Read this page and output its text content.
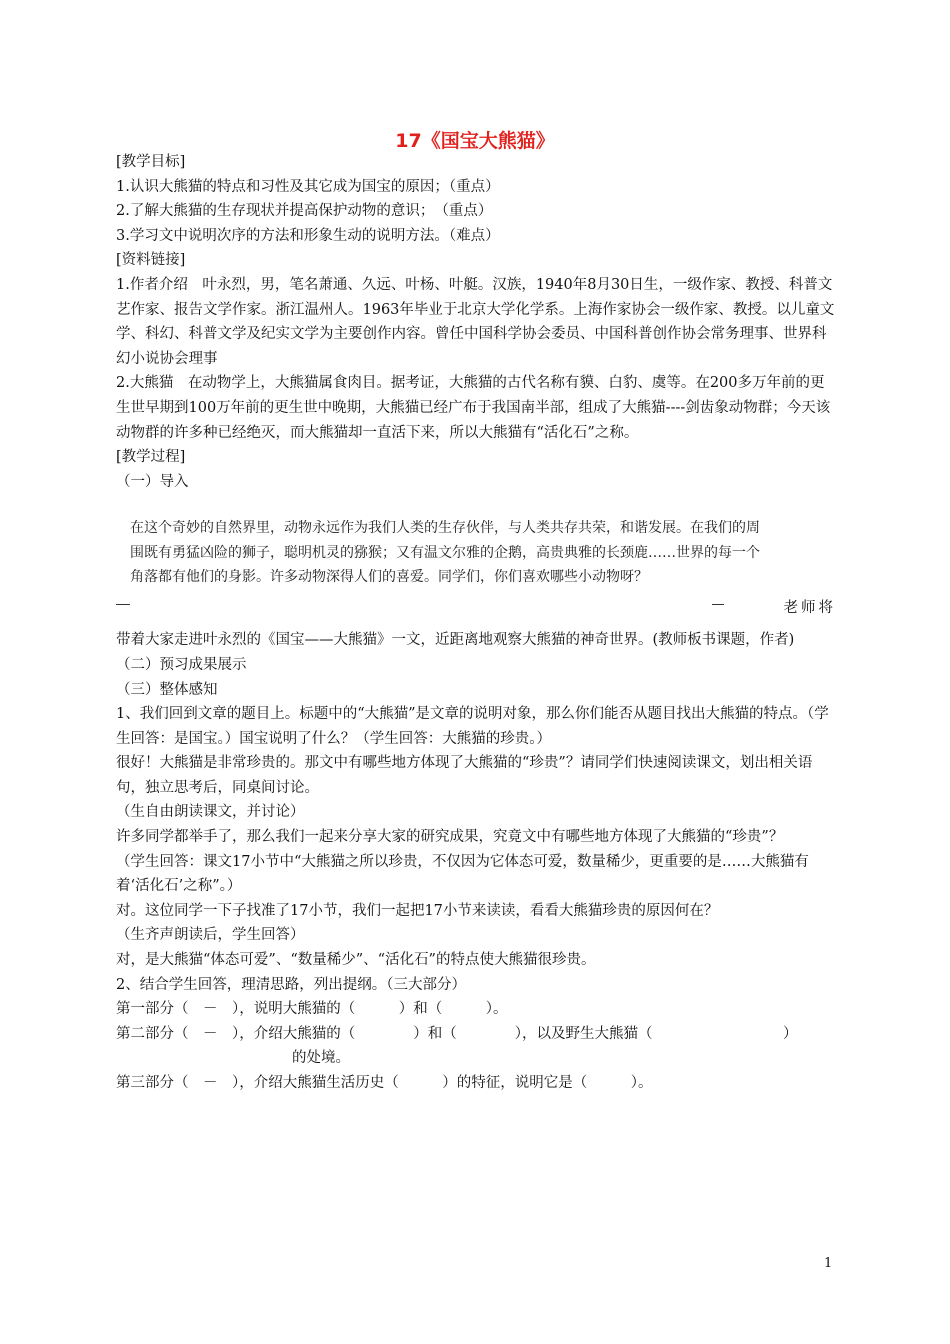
17《国宝大熊猫》

[教学目标]

1.认识大熊猫的特点和习性及其它成为国宝的原因；（重点）

2.了解大熊猫的生存现状并提高保护动物的意识；　（重点）

3.学习文中说明次序的方法和形象生动的说明方法。（难点）

[资料链接]

1.作者介绍　叶永烈，男，笔名萧通、久远、叶杨、叶艇。汉族，1940年8月30日生，一级作家、教授、科普文艺作家、报告文学作家。浙江温州人。1963年毕业于北京大学化学系。上海作家协会一级作家、教授。以儿童文学、科幻、科普文学及纪实文学为主要创作内容。曾任中国科学协会委员、中国科普创作协会常务理事、世界科幻小说协会理事

2.大熊猫　在动物学上，大熊猫属食肉目。据考证，大熊猫的古代名称有貘、白豹、虞等。在200多万年前的更生世早期到100万年前的更生世中晚期，大熊猫已经广布于我国南半部，组成了大熊猫----剑齿象动物群；今天该动物群的许多种已经绝灭，而大熊猫却一直活下来，所以大熊猫有“活化石”之称。

[教学过程]

（一）导入

在这个奇妙的自然界里，动物永远作为我们人类的生存伙伴，与人类共存共荣，和谐发展。在我们的周围既有勇猛凶险的狮子，聪明机灵的猕猴；又有温文尔雅的企鹅，高贵典雅的长颈鹿……世界的每一个角落都有他们的身影。许多动物深得人们的喜爱。同学们，你们喜欢哪些小动物呀？
老师将

带着大家走进叶永烈的《国宝——大熊猫》一文，近距离地观察大熊猫的神奇世界。(教师板书课题，作者)

（二）预习成果展示

（三）整体感知

1、我们回到文章的题目上。标题中的“大熊猫”是文章的说明对象，那么你们能否从题目找出大熊猫的特点。（学生回答：是国宝。）国宝说明了什么？（学生回答：大熊猫的珍贵。）

很好！大熊猫是非常珍贵的。那文中有哪些地方体现了大熊猫的“珍贵”？请同学们快速阅读课文，划出相关语句，独立思考后，同桌间讨论。

（生自由朗读课文，并讨论）

许多同学都举手了，那么我们一起来分享大家的研究成果，究竟文中有哪些地方体现了大熊猫的“珍贵”？

（学生回答：课文17小节中“大熊猫之所以珍贵，不仅因为它体态可爱，数量稀少，更重要的是……大熊猫有着‘活化石’之称”。）

对。这位同学一下子找准了17小节，我们一起把17小节来读读，看看大熊猫珍贵的原因何在？

（生齐声朗读后，学生回答）

对，是大熊猫“体态可爱”、“数量稀少”、“活化石”的特点使大熊猫很珍贵。

2、结合学生回答，理清思路，列出提纲。（三大部分）

第一部分（　－　），说明大熊猫的（　　　）和（　　　）。

第二部分（　－　），介绍大熊猫的（　　　　）和（　　　　），以及野生大熊猫（　　　　　　　　　）

的处境。

第三部分（　－　），介绍大熊猫生活历史（　　　）的特征，说明它是（　　　）。

1
